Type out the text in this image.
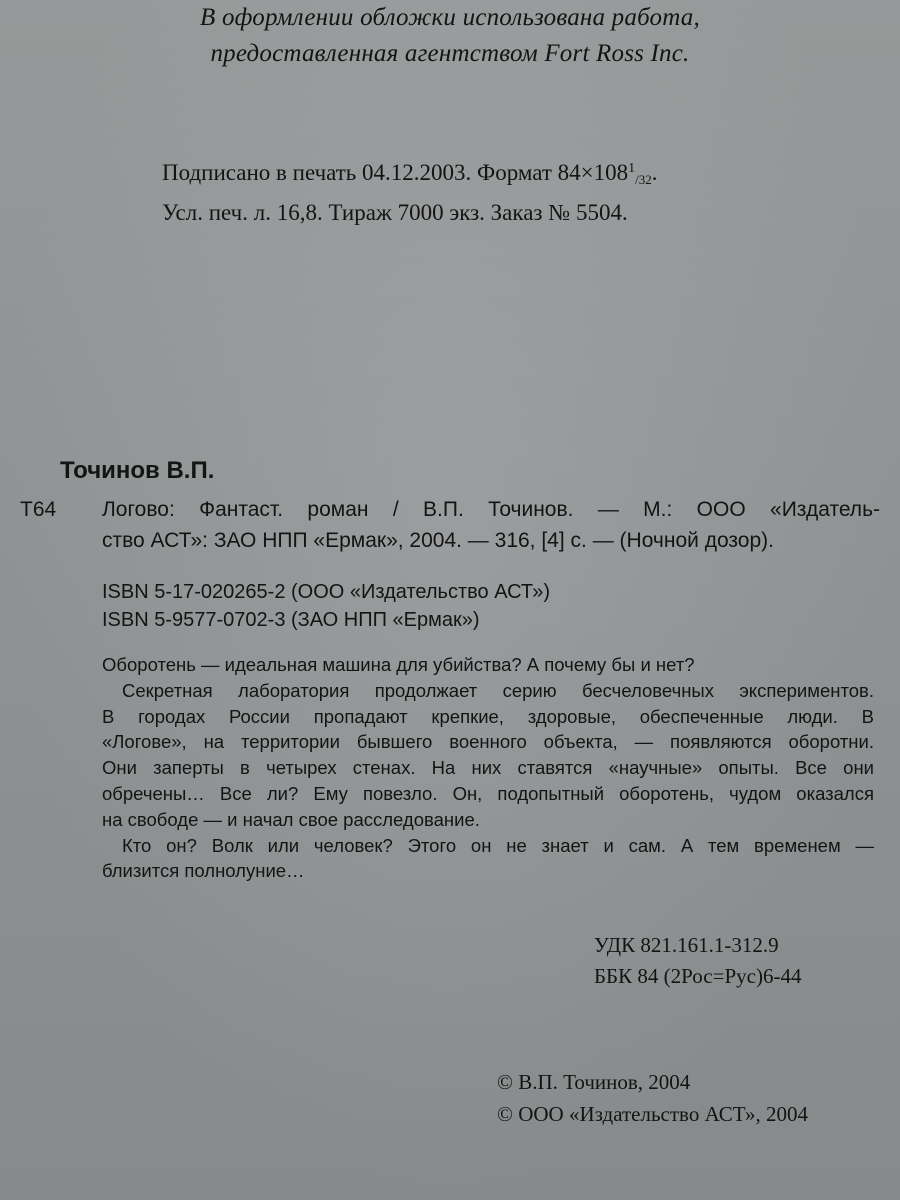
В оформлении обложки использована работа,
предоставленная агентством Fort Ross Inc.
Подписано в печать 04.12.2003. Формат $84\times 108^1/32$.
Усл. печ. л. 16,8. Тираж 7000 экз. Заказ № 5504.
Точинов В.П.
Т64	Логово: Фантаст. роман / В.П. Точинов. — М.: ООО «Издатель-
ство АСТ»: ЗАО НПП «Ермак», 2004. — 316, [4] с. — (Ночной дозор).
ISBN 5-17-020265-2 (ООО «Издательство АСТ»)
ISBN 5-9577-0702-3 (ЗАО НПП «Ермак»)
Оборотень — идеальная машина для убийства? А почему бы и нет?
Секретная лаборатория продолжает серию бесчеловечных экспериментов.
В городах России пропадают крепкие, здоровые, обеспеченные люди. В
«Логове», на территории бывшего военного объекта, — появляются оборотни.
Они заперты в четырех стенах. На них ставятся «научные» опыты. Все они
обречены… Все ли? Ему повезло. Он, подопытный оборотень, чудом оказался
на свободе — и начал свое расследование.
Кто он? Волк или человек? Этого он не знает и сам. А тем временем —
близится полнолуние…
УДК 821.161.1-312.9
ББК 84 (2Рос=Рус)6-44
© В.П. Точинов, 2004
© ООО «Издательство АСТ», 2004
